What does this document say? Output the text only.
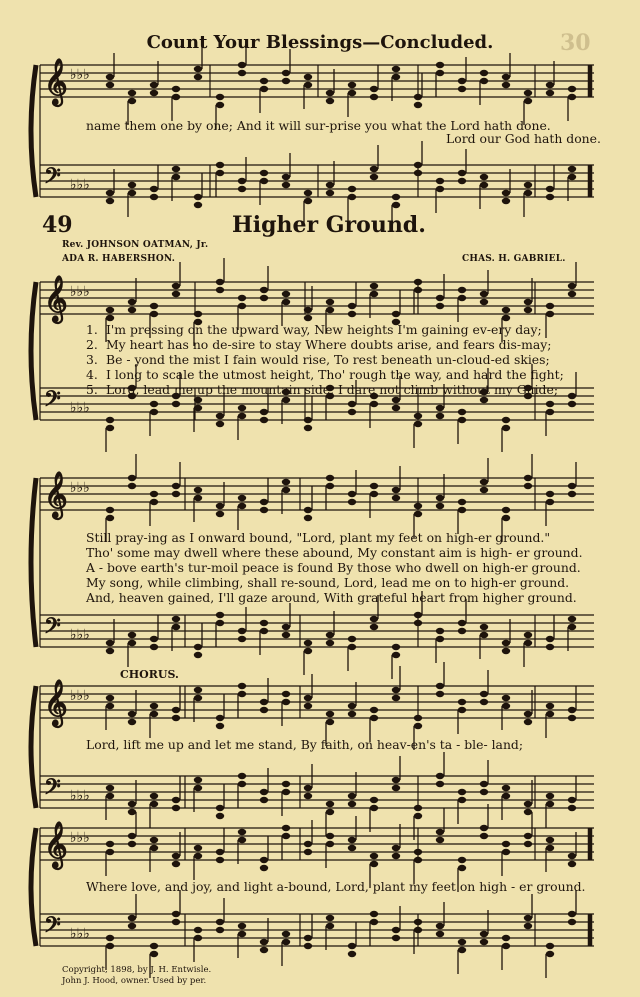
𝄞 ♭♭♭
𝄢 ♭♭♭
𝄞 ♭♭♭
𝄢 ♭♭♭
𝄞 ♭♭♭
𝄢 ♭♭♭
𝄞 ♭♭♭
𝄢 ♭♭♭
𝄞 ♭♭♭
𝄢 ♭♭♭
30
Count Your Blessings—Concluded.
name them one by one; And it will sur-prise you what the Lord hath done.
Lord our God hath done.
49	Higher Ground.
Rev. JOHNSON OATMAN, Jr.
ADA R. HABERSHON.	CHAS. H. GABRIEL.
1. I'm pressing on the upward way, New heights I'm gaining ev-ery day;
2. My heart has no de-sire to stay Where doubts arise, and fears dis-may;
3. Be - yond the mist I fain would rise, To rest beneath un-cloud-ed skies;
4. I long to scale the utmost height, Tho' rough the way, and hard the fight;
5. Lord, lead me up the mountain side, I dare not climb without my Guide;
Still pray-ing as I onward bound, "Lord, plant my feet on high-er ground."
Tho' some may dwell where these abound, My constant aim is high- er ground.
A - bove earth's tur-moil peace is found By those who dwell on high-er ground.
My song, while climbing, shall re-sound, Lord, lead me on to high-er ground.
And, heaven gained, I'll gaze around, With grateful heart from higher ground.
CHORUS.
Lord, lift me up and let me stand, By faith, on heav-en's ta - ble- land;
Where love, and joy, and light a-bound, Lord, plant my feet on high - er ground.
Copyright, 1898, by J. H. Entwisle.
John J. Hood, owner. Used by per.
